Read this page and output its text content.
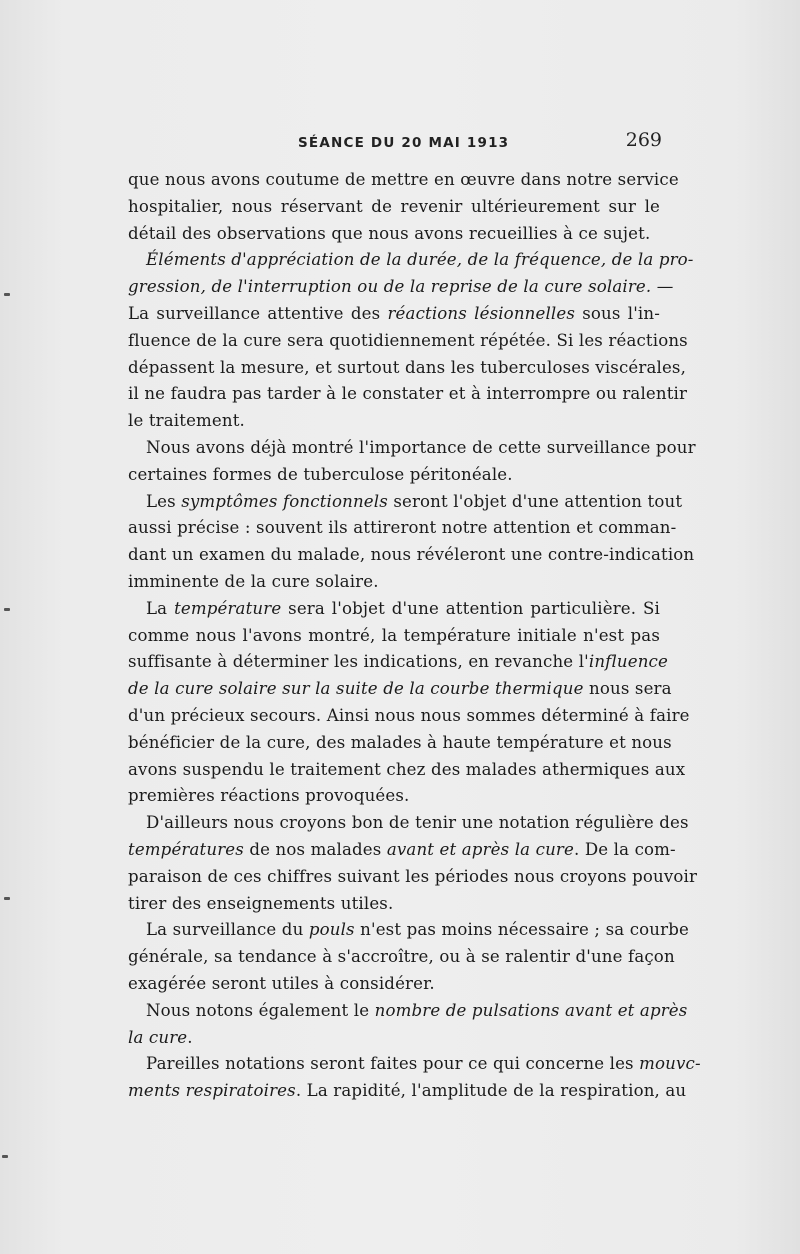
SÉANCE DU 20 MAI 1913	269
que nous avons coutume de mettre en œuvre dans notre service
hospitalier, nous réservant de revenir ultérieurement sur le
détail des observations que nous avons recueillies à ce sujet.
Éléments d'appréciation de la durée, de la fréquence, de la pro-
gression, de l'interruption ou de la reprise de la cure solaire. —
La surveillance attentive des réactions lésionnelles sous l'in-
fluence de la cure sera quotidiennement répétée. Si les réactions
dépassent la mesure, et surtout dans les tuberculoses viscérales,
il ne faudra pas tarder à le constater et à interrompre ou ralentir
le traitement.
Nous avons déjà montré l'importance de cette surveillance pour
certaines formes de tuberculose péritonéale.
Les symptômes fonctionnels seront l'objet d'une attention tout
aussi précise : souvent ils attireront notre attention et comman-
dant un examen du malade, nous révéleront une contre-indication
imminente de la cure solaire.
La température sera l'objet d'une attention particulière. Si
comme nous l'avons montré, la température initiale n'est pas
suffisante à déterminer les indications, en revanche l'influence
de la cure solaire sur la suite de la courbe thermique nous sera
d'un précieux secours. Ainsi nous nous sommes déterminé à faire
bénéficier de la cure, des malades à haute température et nous
avons suspendu le traitement chez des malades athermiques aux
premières réactions provoquées.
D'ailleurs nous croyons bon de tenir une notation régulière des
températures de nos malades avant et après la cure. De la com-
paraison de ces chiffres suivant les périodes nous croyons pouvoir
tirer des enseignements utiles.
La surveillance du pouls n'est pas moins nécessaire ; sa courbe
générale, sa tendance à s'accroître, ou à se ralentir d'une façon
exagérée seront utiles à considérer.
Nous notons également le nombre de pulsations avant et après
la cure.
Pareilles notations seront faites pour ce qui concerne les mouvc-
ments respiratoires. La rapidité, l'amplitude de la respiration, au
